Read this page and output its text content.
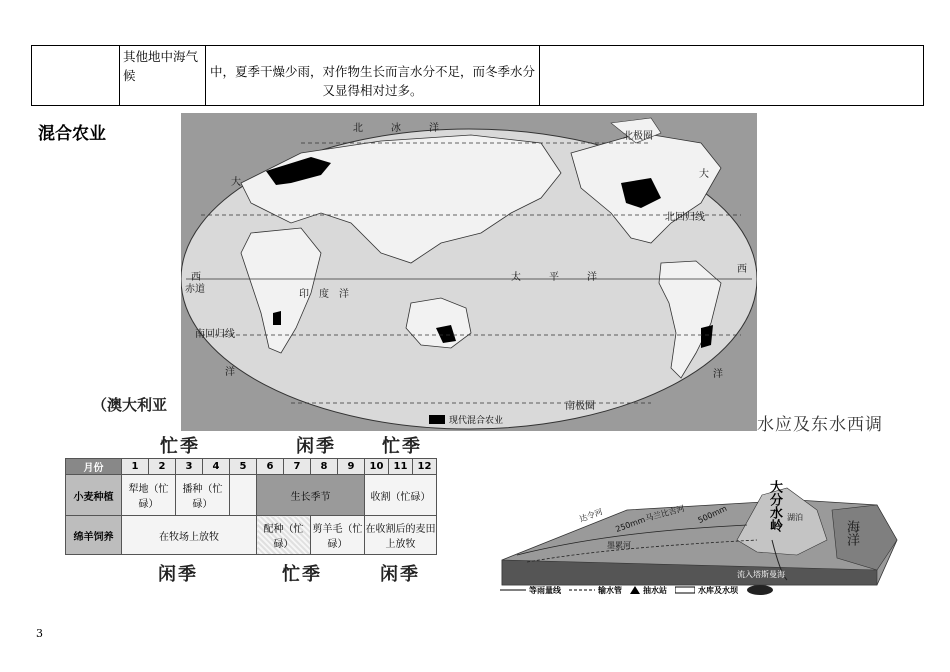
	其他地中海气候	中，夏季干燥少雨，对作物生长而言水分不足，而冬季水分又显得相对过多。	
混合农业	北冰洋
北极圈
大
大
北回归线
西
西
赤道	印度洋
太平洋
南回归线
洋	洋
南极圈
现代混合农业
（澳大利亚
水应及东水西调
忙季	闲季	忙季
闲季	忙季	闲季
月份	1	2	3	4	5	6	7	8	9	10	11	12
小麦种植	犁地（忙碌）		播种（忙碌）			生长季节				收割（忙碌）		
绵羊饲养	在牧场上放牧					配种（忙碌）		剪羊毛（忙碌）		在收割后的麦田上放牧		
达令河 250mm
马兰比吉河 500mm	大分水岭 湖泊
海洋
墨累河
流入塔斯曼海
等雨量线	输水管	抽水站	水库及水坝
3
